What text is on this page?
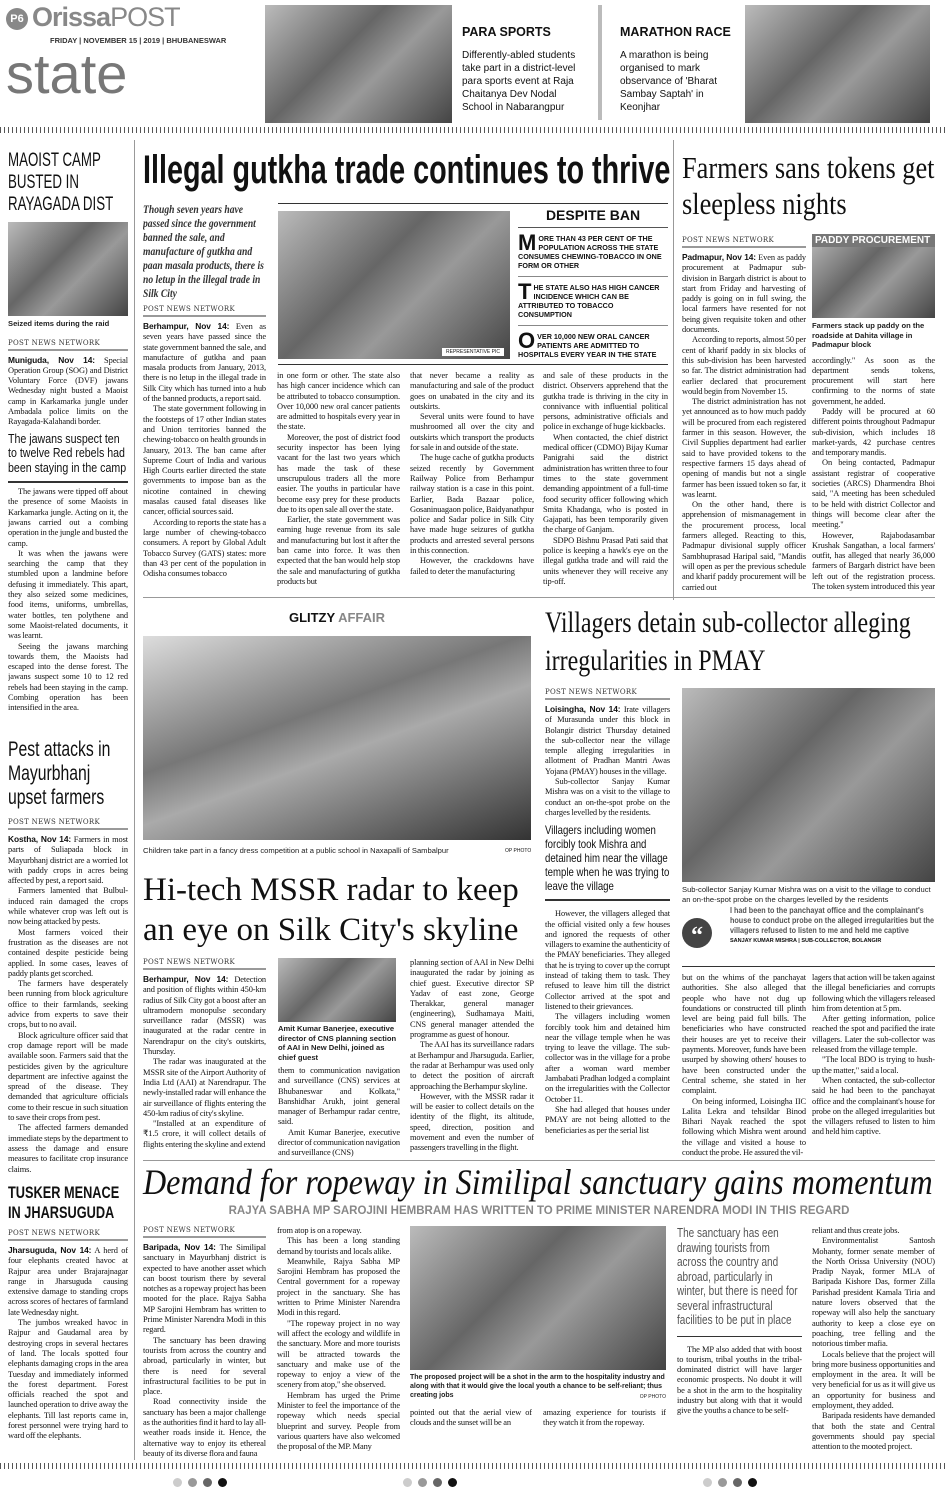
P6 OrissaPOST
FRIDAY | NOVEMBER 15 | 2019 | BHUBANESWAR
state
PARA SPORTS
Differently-abled students take part in a district-level para sports event at Raja Chaitanya Dev Nodal School in Nabarangpur
MARATHON RACE
A marathon is being organised to mark observance of 'Bharat Sambay Saptah' in Keonjhar
MAOIST CAMP BUSTED IN RAYAGADA DIST
Seized items during the raid
POST NEWS NETWORK

Muniguda, Nov 14: Special Operation Group (SOG) and District Voluntary Force (DVF) jawans Wednesday night busted a Maoist camp in Karkamarka jungle under Ambadala police limits on the Rayagada-Kalahandi border.

The jawans suspect ten to twelve Red rebels had been staying in the camp

The jawans were tipped off about the presence of some Maoists in Karkamarka jungle. Acting on it, the jawans carried out a combing operation in the jungle and busted the camp.

It was when the jawans were searching the camp that they stumbled upon a landmine before defusing it immediately. This apart, they also seized some medicines, food items, uniforms, umbrellas, water bottles, ten polythene and some Maoist-related documents, it was learnt.

Seeing the jawans marching towards them, the Maoists had escaped into the dense forest. The jawans suspect some 10 to 12 red rebels had been staying in the camp. Combing operation has been intensified in the area.

Pest attacks in Mayurbhanj upset farmers
POST NEWS NETWORK

Kostha, Nov 14: Farmers in most parts of Suliapada block in Mayurbhanj district are a worried lot with paddy crops in acres being affected by pest, a report said.

Farmers lamented that Bulbul-induced rain damaged the crops while whatever crop was left out is now being attacked by pests.

Most farmers voiced their frustration as the diseases are not contained despite pesticide being applied. In some cases, leaves of paddy plants get scorched.

The farmers have desperately been running from block agriculture office to their farmlands, seeking advice from experts to save their crops, but to no avail.

Block agriculture officer said that crop damage report will be made available soon. Farmers said that the pesticides given by the agriculture department are infective against the spread of the disease. They demanded that agriculture officials come to their rescue in such situation to save their crops from pest.

The affected farmers demanded immediate steps by the department to assess the damage and ensure measures to facilitate crop insurance claims.

TUSKER MENACE IN JHARSUGUDA
POST NEWS NETWORK

Jharsuguda, Nov 14: A herd of four elephants created havoc at Rajpur area under Brajarajnagar range in Jharsuguda causing extensive damage to standing crops across scores of hectares of farmland late Wednesday night.

The jumbos wreaked havoc in Rajpur and Gaudamal area by destroying crops in several hectares of land. The locals spotted four elephants damaging crops in the area Tuesday and immediately informed the forest department. Forest officials reached the spot and launched operation to drive away the elephants. Till last reports came in, forest personnel were trying hard to ward off the elephants.

Illegal gutkha trade continues to thrive
Though seven years have passed since the government banned the sale, and manufacture of gutkha and paan masala products, there is no letup in the illegal trade in Silk City
POST NEWS NETWORK

Berhampur, Nov 14: Even as seven years have passed since the state government banned the sale, and manufacture of gutkha and paan masala products from January, 2013, there is no letup in the illegal trade in Silk City which has turned into a hub of the banned products, a report said.

The state government following in the footsteps of 17 other Indian states and Union territories banned the chewing-tobacco on health grounds in January, 2013. The ban came after Supreme Court of India and various High Courts earlier directed the state governments to impose ban as the nicotine contained in chewing masalas caused fatal diseases like cancer, official sources said.

According to reports the state has a large number of chewing-tobacco consumers. A report by Global Adult Tobacco Survey (GATS) states: more than 43 per cent of the population in Odisha consumes tobacco

REPRESENTATIVE PIC
DESPITE BAN
MORE THAN 43 PER CENT OF THE POPULATION ACROSS THE STATE CONSUMES CHEWING-TOBACCO IN ONE FORM OR OTHER
THE STATE ALSO HAS HIGH CANCER INCIDENCE WHICH CAN BE ATTRIBUTED TO TOBACCO CONSUMPTION
OVER 10,000 NEW ORAL CANCER PATIENTS ARE ADMITTED TO HOSPITALS EVERY YEAR IN THE STATE

in one form or other. The state also has high cancer incidence which can be attributed to tobacco consumption. Over 10,000 new oral cancer patients are admitted to hospitals every year in the state.

Moreover, the post of district food security inspector has been lying vacant for the last two years which has made the task of these unscrupulous traders all the more easier. The youths in particular have become easy prey for these products due to its open sale all over the state.

Earlier, the state government was earning huge revenue from its sale and manufacturing but lost it after the ban came into force. It was then expected that the ban would help stop the sale and manufacturing of gutkha products but

that never became a reality as manufacturing and sale of the product goes on unabated in the city and its outskirts.

Several units were found to have mushroomed all over the city and outskirts which transport the products for sale in and outside of the state.

The huge cache of gutkha products seized recently by Government Railway Police from Berhampur railway station is a case in this point. Earlier, Bada Bazaar police, Gosaninuagaon police, Baidyanathpur police and Sadar police in Silk City have made huge seizures of gutkha products and arrested several persons in this connection.

However, the crackdowns have failed to deter the manufacturing

and sale of these products in the district. Observers apprehend that the gutkha trade is thriving in the city in connivance with influential political persons, administrative officials and police in exchange of huge kickbacks.

When contacted, the chief district medical officer (CDMO) Bijay Kumar Panigrahi said the district administration has written three to four times to the state government demanding appointment of a full-time food security officer following which Smita Khadanga, who is posted in Gajapati, has been temporarily given the charge of Ganjam.

SDPO Bishnu Prasad Pati said that police is keeping a hawk's eye on the illegal gutkha trade and will raid the units whenever they will receive any tip-off.

Farmers sans tokens get sleepless nights
POST NEWS NETWORK

Padmapur, Nov 14: Even as paddy procurement at Padmapur sub-division in Bargarh district is about to start from Friday and harvesting of paddy is going on in full swing, the local farmers have resented for not being given requisite token and other documents.

According to reports, almost 50 per cent of kharif paddy in six blocks of this sub-division has been harvested so far. The district administration had earlier declared that procurement would begin from November 15.

The district administration has not yet announced as to how much paddy will be procured from each registered farmer in this season. However, the Civil Supplies department had earlier said to have provided tokens to the respective farmers 15 days ahead of opening of mandis but not a single farmer has been issued token so far, it was learnt.

On the other hand, there is apprehension of mismanagement in the procurement process, local farmers alleged. Reacting to this, Padmapur divisional supply officer Sambhuprasad Haripal said, "Mandis will open as per the previous schedule and kharif paddy procurement will be carried out

PADDY PROCUREMENT
Farmers stack up paddy on the roadside at Dahita village in Padmapur block

accordingly." As soon as the department sends tokens, procurement will start here confirming to the norms of state government, he added.

Paddy will be procured at 60 different points throughout Padmapur sub-division, which includes 18 market-yards, 42 purchase centres and temporary mandis.

On being contacted, Padmapur assistant registrar of cooperative societies (ARCS) Dharmendra Bhoi said, "A meeting has been scheduled to be held with district Collector and things will become clear after the meeting."

However, Rajabodasambar Krushak Sangathan, a local farmers' outfit, has alleged that nearly 36,000 farmers of Bargarh district have been left out of the registration process. The token system introduced this year

GLITZY AFFAIR
Children take part in a fancy dress competition at a public school in Naxapalli of Sambalpur	OP PHOTO
Villagers detain sub-collector alleging irregularities in PMAY
POST NEWS NETWORK

Loisingha, Nov 14: Irate villagers of Murasunda under this block in Bolangir district Thursday detained the sub-collector near the village temple alleging irregularities in allotment of Pradhan Mantri Awas Yojana (PMAY) houses in the village.

Sub-collector Sanjay Kumar Mishra was on a visit to the village to conduct an on-the-spot probe on the charges levelled by the residents.

Villagers including women forcibly took Mishra and detained him near the village temple when he was trying to leave the village

However, the villagers alleged that the official visited only a few houses and ignored the requests of other villagers to examine the authenticity of the PMAY beneficiaries. They alleged that he is trying to cover up the corrupt instead of taking them to task. They refused to leave him till the district Collector arrived at the spot and listened to their grievances.

The villagers including women forcibly took him and detained him near the village temple when he was trying to leave the village. The sub-collector was in the village for a probe after a woman ward member Jambabati Pradhan lodged a complaint on the irregularities with the Collector October 11.

She had alleged that houses under PMAY are not being allotted to the beneficiaries as per the serial list

Sub-collector Sanjay Kumar Mishra was on a visit to the village to conduct an on-the-spot probe on the charges levelled by the residents
“
I had been to the panchayat office and the complainant's house to conduct probe on the alleged irregularities but the villagers refused to listen to me and held me captive
SANJAY KUMAR MISHRA | SUB-COLLECTOR, BOLANGIR

but on the whims of the panchayat authorities. She also alleged that people who have not dug up foundations or constructed till plinth level are being paid full bills. The beneficiaries who have constructed their houses are yet to receive their payments. Moreover, funds have been usurped by showing others' houses to have been constructed under the Central scheme, she stated in her complaint.

On being informed, Loisingha IIC Lalita Lekra and tehsildar Binod Bihari Nayak reached the spot following which Mishra went around the village and visited a house to conduct the probe. He assured the vil-

lagers that action will be taken against the illegal beneficiaries and corrupts following which the villagers released him from detention at 5 pm.

After getting information, police reached the spot and pacified the irate villagers. Later the sub-collector was released from the village temple.

"The local BDO is trying to hush-up the matter," said a local.

When contacted, the sub-collector said he had been to the panchayat office and the complainant's house for probe on the alleged irregularities but the villagers refused to listen to him and held him captive.

Hi-tech MSSR radar to keep
an eye on Silk City's skyline
POST NEWS NETWORK

Berhampur, Nov 14: Detection and position of flights within 450-km radius of Silk City got a boost after an ultramodern monopulse secondary surveillance radar (MSSR) was inaugurated at the radar centre in Narendrapur on the city's outskirts, Thursday.

The radar was inaugurated at the MSSR site of the Airport Authority of India Ltd (AAI) at Narendrapur. The newly-installed radar will enhance the air surveillance of flights entering the 450-km radius of city's skyline.

"Installed at an expenditure of ₹1.5 crore, it will collect details of flights entering the skyline and extend

Amit Kumar Banerjee, executive director of CNS planning section of AAI in New Delhi, joined as chief guest

them to communication navigation and surveillance (CNS) services at Bhubaneswar and Kolkata," Banshidhar Arukh, joint general manager of Berhampur radar centre, said.

Amit Kumar Banerjee, executive director of communication navigation and surveillance (CNS)

planning section of AAI in New Delhi inaugurated the radar by joining as chief guest. Executive director SP Yadav of east zone, George Therakkar, general manager (engineering), Sudhamaya Maiti, CNS general manager attended the programme as guest of honour.

The AAI has its surveillance radars at Berhampur and Jharsuguda. Earlier, the radar at Berhampur was used only to detect the position of aircraft approaching the Berhampur skyline.

However, with the MSSR radar it will be easier to collect details on the identity of the flight, its altitude, speed, direction, position and movement and even the number of passengers travelling in the flight.

Demand for ropeway in Similipal sanctuary gains momentum
RAJYA SABHA MP SAROJINI HEMBRAM HAS WRITTEN TO PRIME MINISTER NARENDRA MODI IN THIS REGARD
POST NEWS NETWORK

Baripada, Nov 14: The Similipal sanctuary in Mayurbhanj district is expected to have another asset which can boost tourism there by several notches as a ropeway project has been mooted for the place. Rajya Sabha MP Sarojini Hembram has written to Prime Minister Narendra Modi in this regard.

The sanctuary has been drawing tourists from across the country and abroad, particularly in winter, but there is need for several infrastructural facilities to be put in place.

Road connectivity inside the sanctuary has been a major challenge as the authorities find it hard to lay all-weather roads inside it. Hence, the alternative way to enjoy its ethereal beauty of its diverse flora and fauna

from atop is on a ropeway.

This has been a long standing demand by tourists and locals alike.

Meanwhile, Rajya Sabha MP Sarojini Hembram has proposed the Central government for a ropeway project in the sanctuary. She has written to Prime Minister Narendra Modi in this regard.

"The ropeway project in no way will affect the ecology and wildlife in the sanctuary. More and more tourists will be attracted towards the sanctuary and make use of the ropeway to enjoy a view of the scenery from atop," she observed.

Hembram has urged the Prime Minister to feel the importance of the ropeway which needs special blueprint and survey. People from various quarters have also welcomed the proposal of the MP. Many

The proposed project will be a shot in the arm to the hospitality industry and along with that it would give the local youth a chance to be self-reliant; thus creating jobs	OP PHOTO
pointed out that the aerial view of clouds and the sunset will be an
amazing experience for tourists if they watch it from the ropeway.
The sanctuary has een drawing tourists from across the country and abroad, particularly in winter, but there is need for several infrastructural facilities to be put in place

The MP also added that with boost to tourism, tribal youths in the tribal-dominated district will have larger economic prospects. No doubt it will be a shot in the arm to the hospitality industry but along with that it would give the youths a chance to be self-

reliant and thus create jobs.

Environmentalist Santosh Mohanty, former senate member of the North Orissa University (NOU) Pradip Nayak, former MLA of Baripada Kishore Das, former Zilla Parishad president Kamala Tiria and nature lovers observed that the ropeway will also help the sanctuary authority to keep a close eye on poaching, tree felling and the notorious timber mafia.

Locals believe that the project will bring more business opportunities and employment in the area. It will be very beneficial for us as it will give us an opportunity for business and employment, they added.

Baripada residents have demanded that both the state and Central governments should pay special attention to the mooted project.
